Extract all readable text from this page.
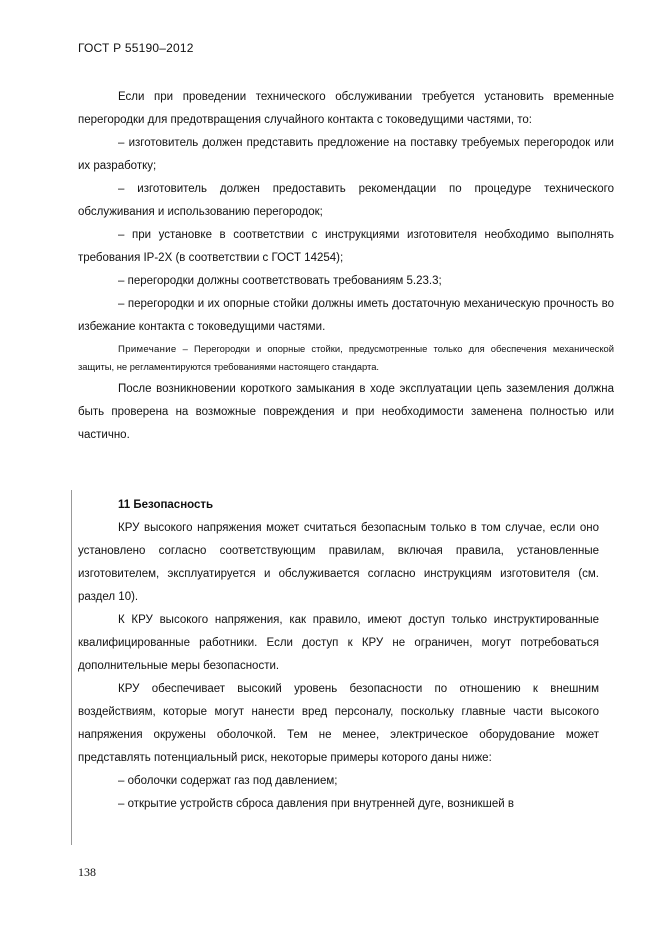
ГОСТ Р 55190–2012

Если при проведении технического обслуживании требуется установить временные перегородки для предотвращения случайного контакта с токоведущими частями, то:

– изготовитель должен представить предложение на поставку требуемых перегородок или их разработку;

– изготовитель должен предоставить рекомендации по процедуре технического обслуживания и использованию перегородок;

– при установке в соответствии с инструкциями изготовителя необходимо выполнять требования IP-2X (в соответствии с ГОСТ 14254);

– перегородки должны соответствовать требованиям 5.23.3;

– перегородки и их опорные стойки должны иметь достаточную механическую прочность во избежание контакта с токоведущими частями.

Примечание – Перегородки и опорные стойки, предусмотренные только для обеспечения механической защиты, не регламентируются требованиями настоящего стандарта.

После возникновении короткого замыкания в ходе эксплуатации цепь заземления должна быть проверена на возможные повреждения и при необходимости заменена полностью или частично.

11 Безопасность

КРУ высокого напряжения может считаться безопасным только в том случае, если оно установлено согласно соответствующим правилам, включая правила, установленные изготовителем, эксплуатируется и обслуживается согласно инструкциям изготовителя (см. раздел 10).

К КРУ высокого напряжения, как правило, имеют доступ только инструктированные квалифицированные работники. Если доступ к КРУ не ограничен, могут потребоваться дополнительные меры безопасности.

КРУ обеспечивает высокий уровень безопасности по отношению к внешним воздействиям, которые могут нанести вред персоналу, поскольку главные части высокого напряжения окружены оболочкой. Тем не менее, электрическое оборудование может представлять потенциальный риск, некоторые примеры которого даны ниже:

– оболочки содержат газ под давлением;

– открытие устройств сброса давления при внутренней дуге, возникшей в

138
